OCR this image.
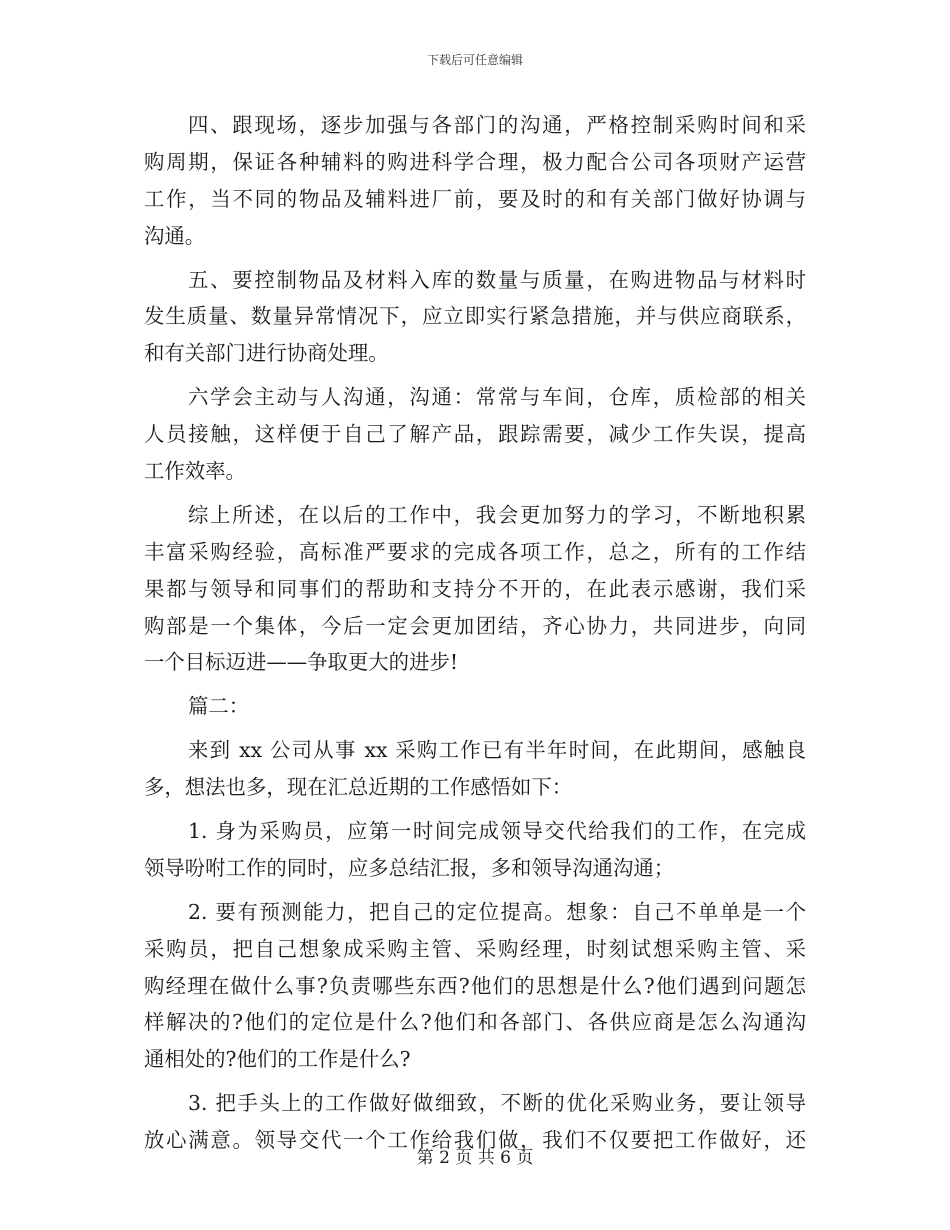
下载后可任意编辑
四、跟现场，逐步加强与各部门的沟通，严格控制采购时间和采
购周期，保证各种辅料的购进科学合理，极力配合公司各项财产运营
工作，当不同的物品及辅料进厂前，要及时的和有关部门做好协调与
沟通。
五、要控制物品及材料入库的数量与质量，在购进物品与材料时
发生质量、数量异常情况下，应立即实行紧急措施，并与供应商联系，
和有关部门进行协商处理。
六学会主动与人沟通，沟通：常常与车间，仓库，质检部的相关
人员接触，这样便于自己了解产品，跟踪需要，减少工作失误，提高
工作效率。
综上所述，在以后的工作中，我会更加努力的学习，不断地积累
丰富采购经验，高标准严要求的完成各项工作，总之，所有的工作结
果都与领导和同事们的帮助和支持分不开的，在此表示感谢，我们采
购部是一个集体，今后一定会更加团结，齐心协力，共同进步，向同
一个目标迈进——争取更大的进步!
篇二：
来到 xx 公司从事 xx 采购工作已有半年时间，在此期间，感触良
多，想法也多，现在汇总近期的工作感悟如下：
1. 身为采购员，应第一时间完成领导交代给我们的工作，在完成
领导吩咐工作的同时，应多总结汇报，多和领导沟通沟通；
2. 要有预测能力，把自己的定位提高。想象：自己不单单是一个
采购员，把自己想象成采购主管、采购经理，时刻试想采购主管、采
购经理在做什么事?负责哪些东西?他们的思想是什么?他们遇到问题怎
样解决的?他们的定位是什么?他们和各部门、各供应商是怎么沟通沟
通相处的?他们的工作是什么?
3. 把手头上的工作做好做细致，不断的优化采购业务，要让领导
放心满意。领导交代一个工作给我们做，我们不仅要把工作做好，还
第 2 页 共 6 页
